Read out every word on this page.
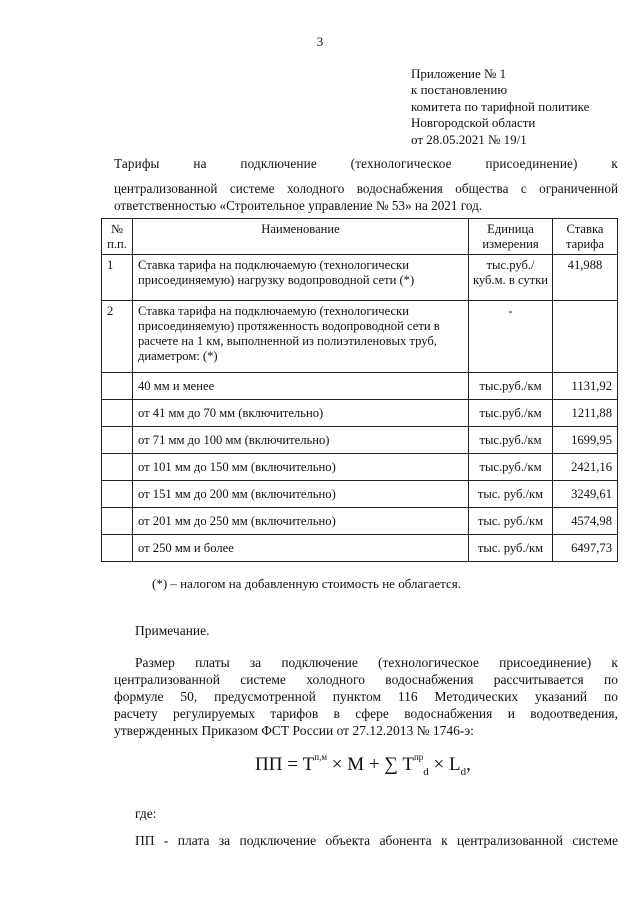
3
Приложение № 1
к постановлению
комитета по тарифной политике
Новгородской области
от 28.05.2021 № 19/1
Тарифы на подключение (технологическое присоединение) к
централизованной системе холодного водоснабжения общества с ограниченной
ответственностью «Строительное управление № 53» на 2021 год.
№ п.п.	Наименование	Единица измерения	Ставка тарифа
1	Ставка тарифа на подключаемую (технологически присоединяемую) нагрузку водопроводной сети (*)	тыс.руб./куб.м. в сутки	41,988
2	Ставка тарифа на подключаемую (технологически присоединяемую) протяженность водопроводной сети в расчете на 1 км, выполненной из полиэтиленовых труб, диаметром: (*)	-	
	40 мм и менее	тыс.руб./км	1131,92
	от 41 мм до 70 мм (включительно)	тыс.руб./км	1211,88
	от 71 мм до 100 мм (включительно)	тыс.руб./км	1699,95
	от 101 мм до 150 мм (включительно)	тыс.руб./км	2421,16
	от 151 мм до 200 мм (включительно)	тыс. руб./км	3249,61
	от 201 мм до 250 мм (включительно)	тыс. руб./км	4574,98
	от 250 мм и более	тыс. руб./км	6497,73
(*) – налогом на добавленную стоимость не облагается.
Примечание.
Размер платы за подключение (технологическое присоединение) к
централизованной системе холодного водоснабжения рассчитывается по
формуле 50, предусмотренной пунктом 116 Методических указаний по
расчету регулируемых тарифов в сфере водоснабжения и водоотведения,
утвержденных Приказом ФСТ России от 27.12.2013 № 1746-э:
ПП = $T^{п,м} \times M$ + ∑ $T^{пр}_d \times L_d$,
где:
ПП - плата за подключение объекта абонента к централизованной системе
